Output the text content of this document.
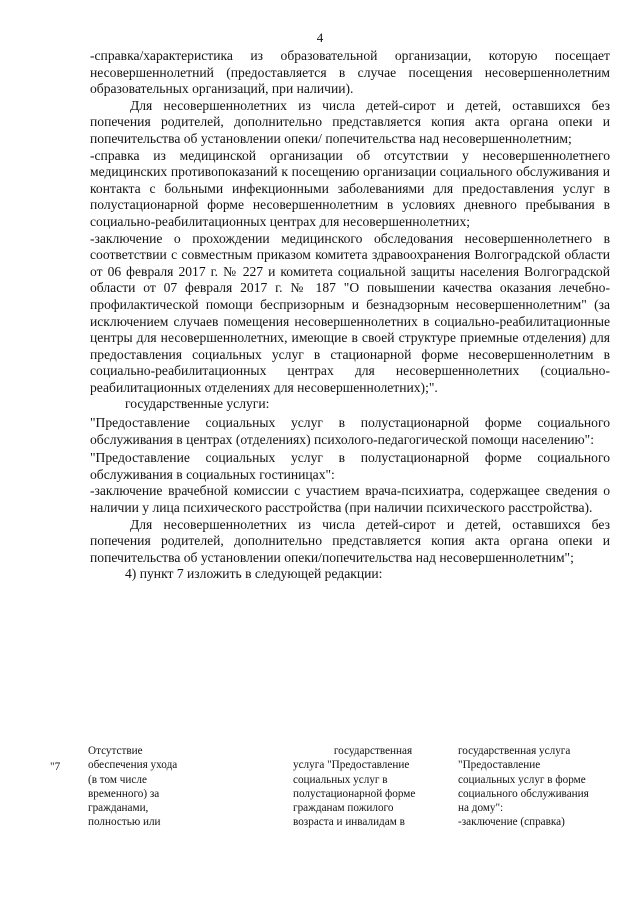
4

-справка/характеристика из образовательной организации, которую посещает несовершеннолетний (предоставляется в случае посещения несовершеннолетним образовательных организаций, при наличии).

Для несовершеннолетних из числа детей-сирот и детей, оставшихся без попечения родителей, дополнительно представляется копия акта органа опеки и попечительства об установлении опеки/ попечительства над несовершеннолетним;

-справка из медицинской организации об отсутствии у несовершеннолетнего медицинских противопоказаний к посещению организации социального обслуживания и контакта с больными инфекционными заболеваниями для предоставления услуг в полустационарной форме несовершеннолетним в условиях дневного пребывания в социально-реабилитационных центрах для несовершеннолетних;

-заключение о прохождении медицинского обследования несовершеннолетнего в соответствии с совместным приказом комитета здравоохранения Волгоградской области от 06 февраля 2017 г. № 227 и комитета социальной защиты населения Волгоградской области от 07 февраля 2017 г. № 187 "О повышении качества оказания лечебно-профилактической помощи беспризорным и безнадзорным несовершеннолетним" (за исключением случаев помещения несовершеннолетних в социально-реабилитационные центры для несовершеннолетних, имеющие в своей структуре приемные отделения) для предоставления социальных услуг в стационарной форме несовершеннолетним в социально-реабилитационных центрах для несовершеннолетних (социально-реабилитационных отделениях для несовершеннолетних);".

государственные услуги:

"Предоставление социальных услуг в полустационарной форме социального обслуживания в центрах (отделениях) психолого-педагогической помощи населению":

"Предоставление социальных услуг в полустационарной форме социального обслуживания в социальных гостиницах":

-заключение врачебной комиссии с участием врача-психиатра, содержащее сведения о наличии у лица психического расстройства (при наличии психического расстройства).

Для несовершеннолетних из числа детей-сирот и детей, оставшихся без попечения родителей, дополнительно представляется копия акта органа опеки и попечительства об установлении опеки/попечительства над несовершеннолетним";

4) пункт 7 изложить в следующей редакции:

"7
Отсутствие
обеспечения ухода
(в том числе
временного) за
гражданами,
полностью или
государственная
услуга "Предоставление
социальных услуг в
полустационарной форме
гражданам пожилого
возраста и инвалидам в
государственная услуга
"Предоставление
социальных услуг в форме
социального обслуживания
на дому":
-заключение (справка)
